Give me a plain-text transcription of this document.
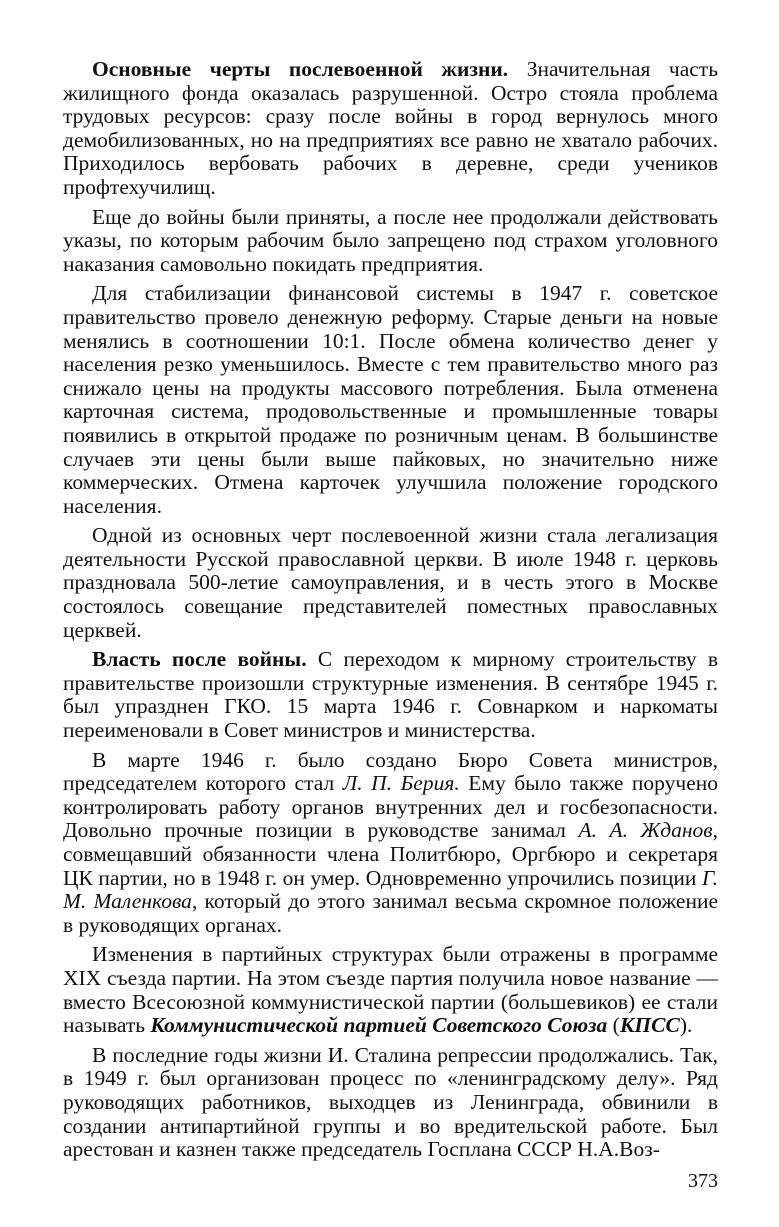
Основные черты послевоенной жизни. Значительная часть жилищного фонда оказалась разрушенной. Остро стояла проблема трудовых ресурсов: сразу после войны в город вернулось много демобилизованных, но на предприятиях все равно не хватало рабочих. Приходилось вербовать рабочих в деревне, среди учеников профтехучилищ.

Еще до войны были приняты, а после нее продолжали действовать указы, по которым рабочим было запрещено под страхом уголовного наказания самовольно покидать предприятия.

Для стабилизации финансовой системы в 1947 г. советское правительство провело денежную реформу. Старые деньги на новые менялись в соотношении 10:1. После обмена количество денег у населения резко уменьшилось. Вместе с тем правительство много раз снижало цены на продукты массового потребления. Была отменена карточная система, продовольственные и промышленные товары появились в открытой продаже по розничным ценам. В большинстве случаев эти цены были выше пайковых, но значительно ниже коммерческих. Отмена карточек улучшила положение городского населения.

Одной из основных черт послевоенной жизни стала легализация деятельности Русской православной церкви. В июле 1948 г. церковь праздновала 500-летие самоуправления, и в честь этого в Москве состоялось совещание представителей поместных православных церквей.

Власть после войны. С переходом к мирному строительству в правительстве произошли структурные изменения. В сентябре 1945 г. был упразднен ГКО. 15 марта 1946 г. Совнарком и наркоматы переименовали в Совет министров и министерства.

В марте 1946 г. было создано Бюро Совета министров, председателем которого стал Л. П. Берия. Ему было также поручено контролировать работу органов внутренних дел и госбезопасности. Довольно прочные позиции в руководстве занимал А. А. Жданов, совмещавший обязанности члена Политбюро, Оргбюро и секретаря ЦК партии, но в 1948 г. он умер. Одновременно упрочились позиции Г. М. Маленкова, который до этого занимал весьма скромное положение в руководящих органах.

Изменения в партийных структурах были отражены в программе XIX съезда партии. На этом съезде партия получила новое название — вместо Всесоюзной коммунистической партии (большевиков) ее стали называть Коммунистической партией Советского Союза (КПСС).

В последние годы жизни И. Сталина репрессии продолжались. Так, в 1949 г. был организован процесс по «ленинградскому делу». Ряд руководящих работников, выходцев из Ленинграда, обвинили в создании антипартийной группы и во вредительской работе. Был арестован и казнен также председатель Госплана СССР Н.А.Воз-

373
